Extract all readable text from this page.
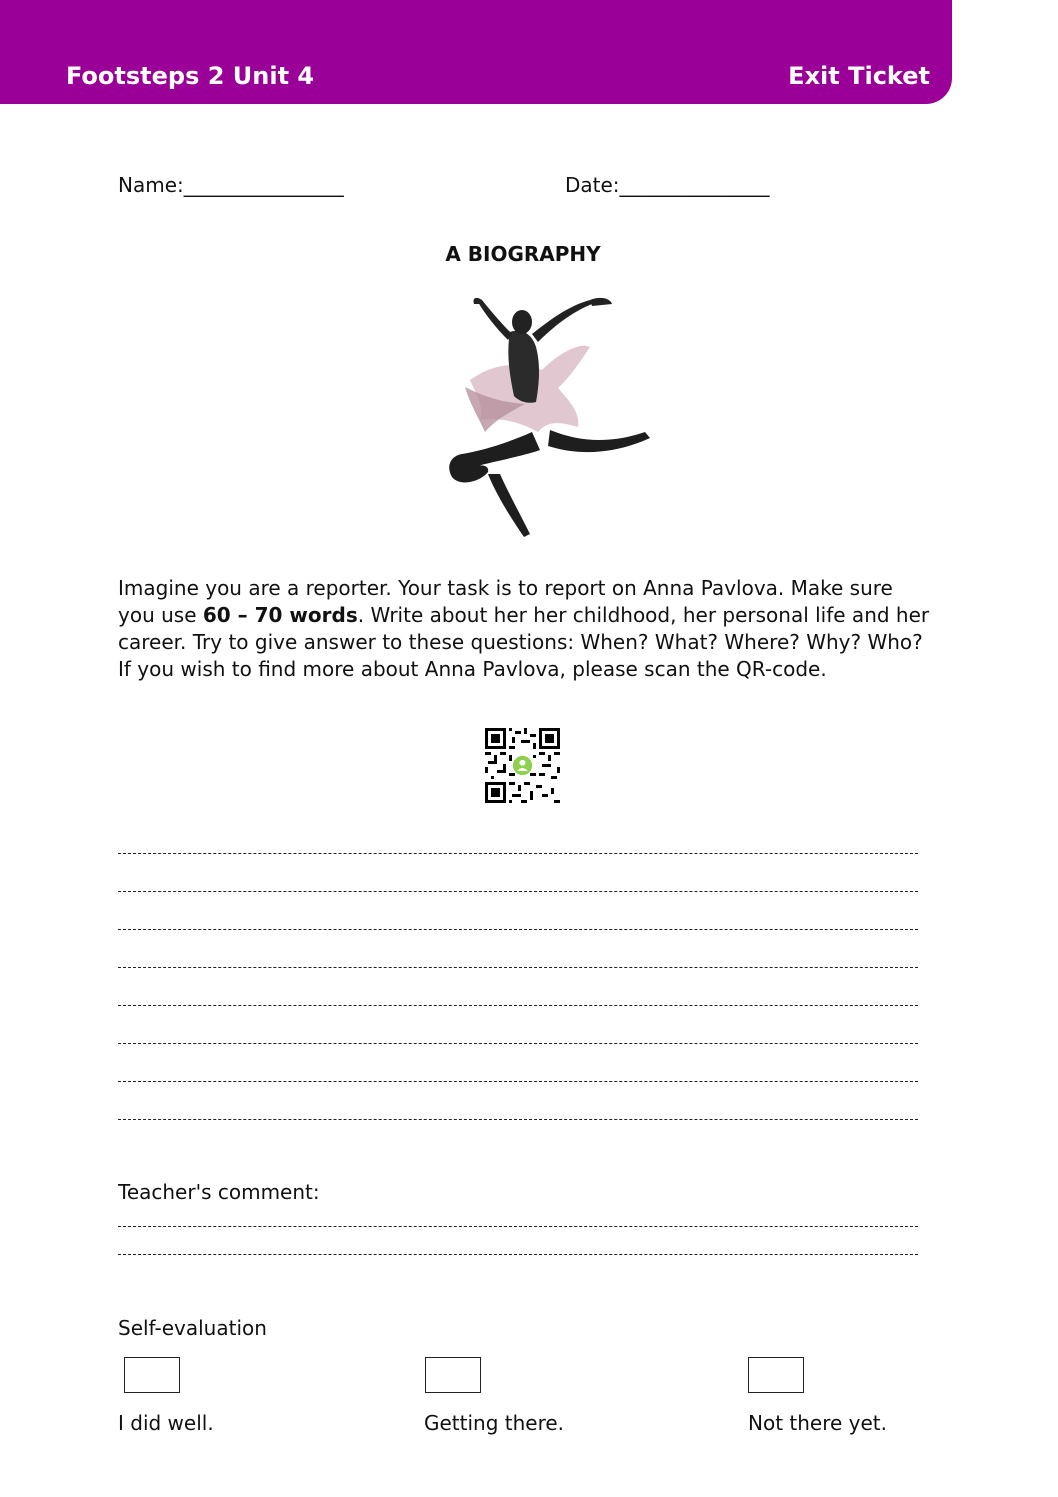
Footsteps 2 Unit 4	Exit Ticket
Name:________________	Date:_______________
A BIOGRAPHY

Imagine you are a reporter. Your task is to report on Anna Pavlova. Make sure you use 60 – 70 words. Write about her her childhood, her personal life and her career. Try to give answer to these questions: When? What? Where? Why? Who?

If you wish to find more about Anna Pavlova, please scan the QR-code.

Teacher's comment:
Self-evaluation
I did well.	Getting there.	Not there yet.
